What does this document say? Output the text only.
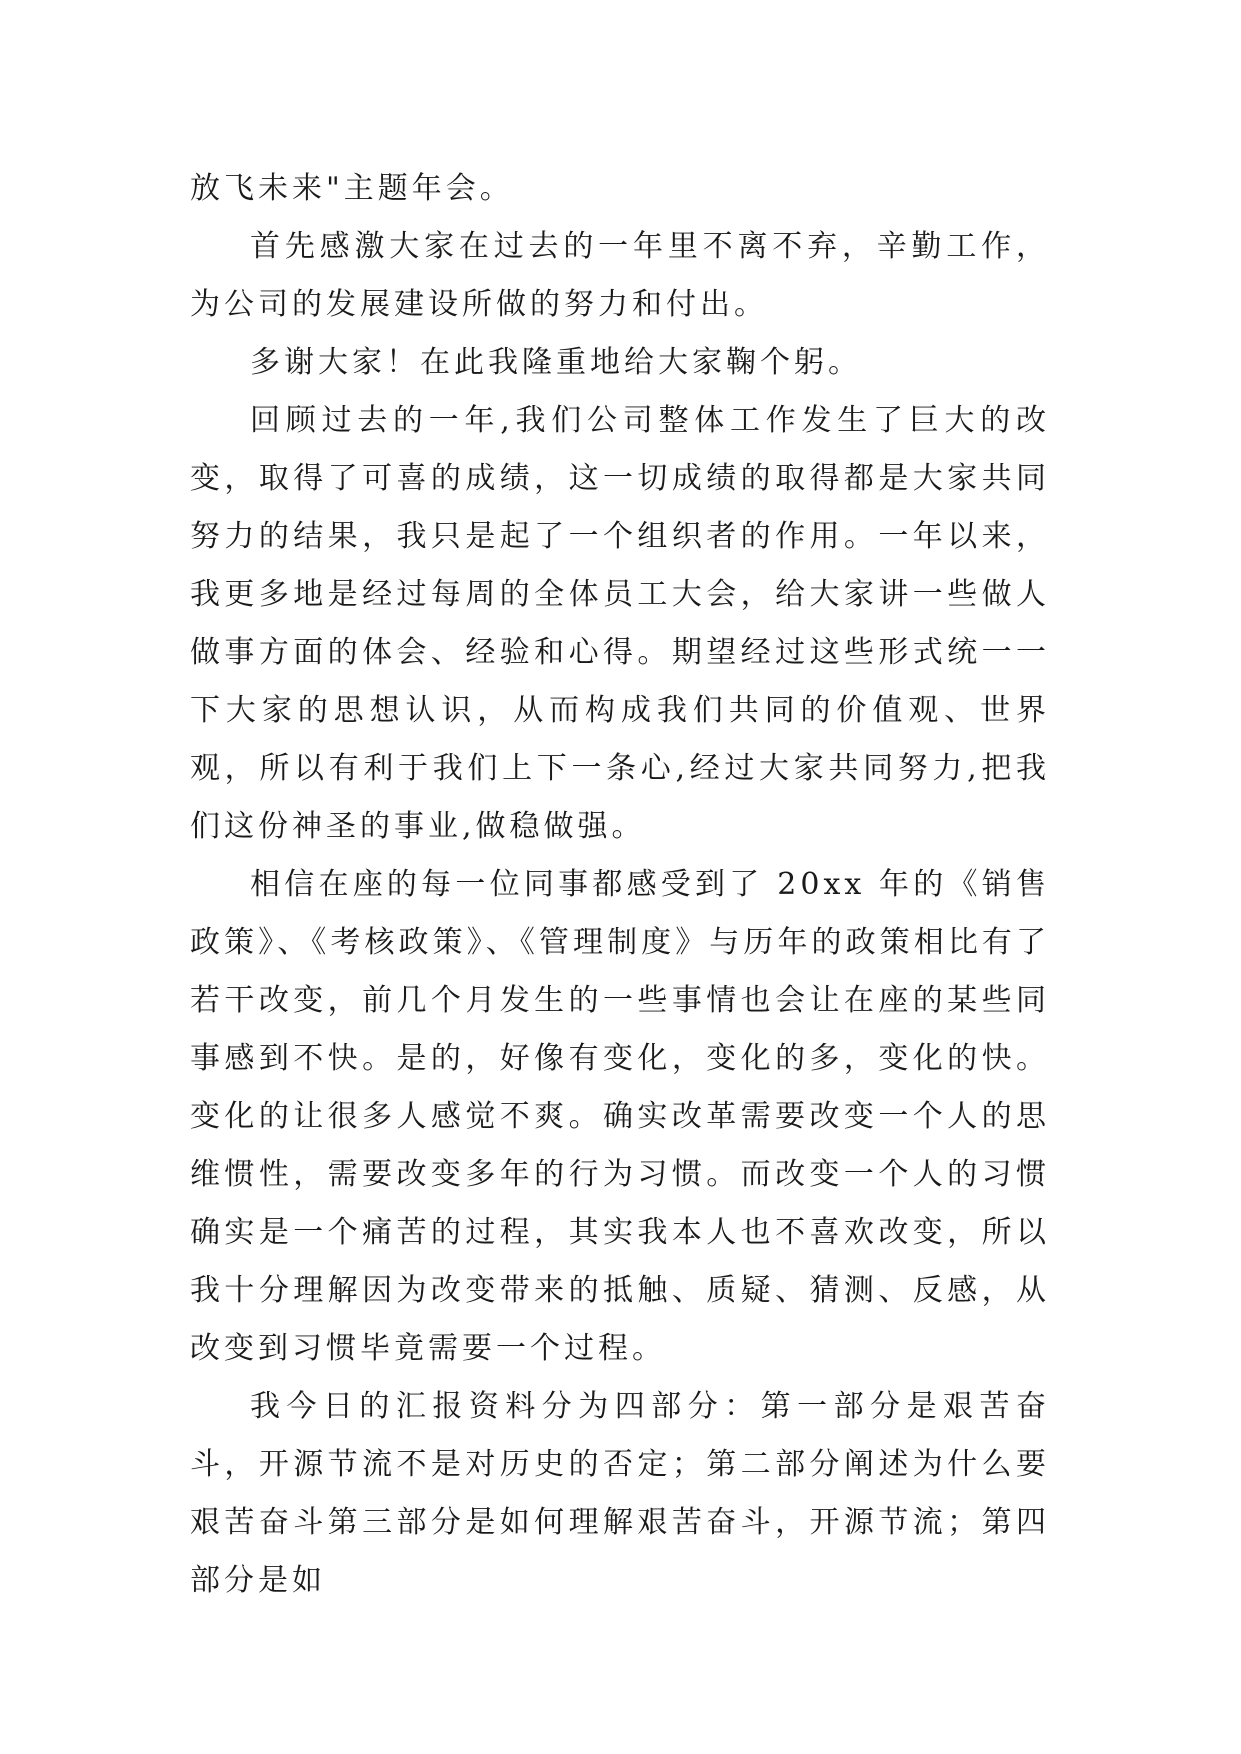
放飞未来"主题年会。

首先感激大家在过去的一年里不离不弃，辛勤工作，为公司的发展建设所做的努力和付出。

多谢大家！在此我隆重地给大家鞠个躬。

回顾过去的一年,我们公司整体工作发生了巨大的改变，取得了可喜的成绩，这一切成绩的取得都是大家共同努力的结果，我只是起了一个组织者的作用。一年以来，我更多地是经过每周的全体员工大会，给大家讲一些做人做事方面的体会、经验和心得。期望经过这些形式统一一下大家的思想认识，从而构成我们共同的价值观、世界观，所以有利于我们上下一条心,经过大家共同努力,把我们这份神圣的事业,做稳做强。

相信在座的每一位同事都感受到了 20xx 年的《销售政策》、《考核政策》、《管理制度》与历年的政策相比有了若干改变，前几个月发生的一些事情也会让在座的某些同事感到不快。是的，好像有变化，变化的多，变化的快。变化的让很多人感觉不爽。确实改革需要改变一个人的思维惯性，需要改变多年的行为习惯。而改变一个人的习惯确实是一个痛苦的过程，其实我本人也不喜欢改变，所以我十分理解因为改变带来的抵触、质疑、猜测、反感，从改变到习惯毕竟需要一个过程。

我今日的汇报资料分为四部分：第一部分是艰苦奋斗，开源节流不是对历史的否定；第二部分阐述为什么要艰苦奋斗第三部分是如何理解艰苦奋斗，开源节流；第四部分是如
